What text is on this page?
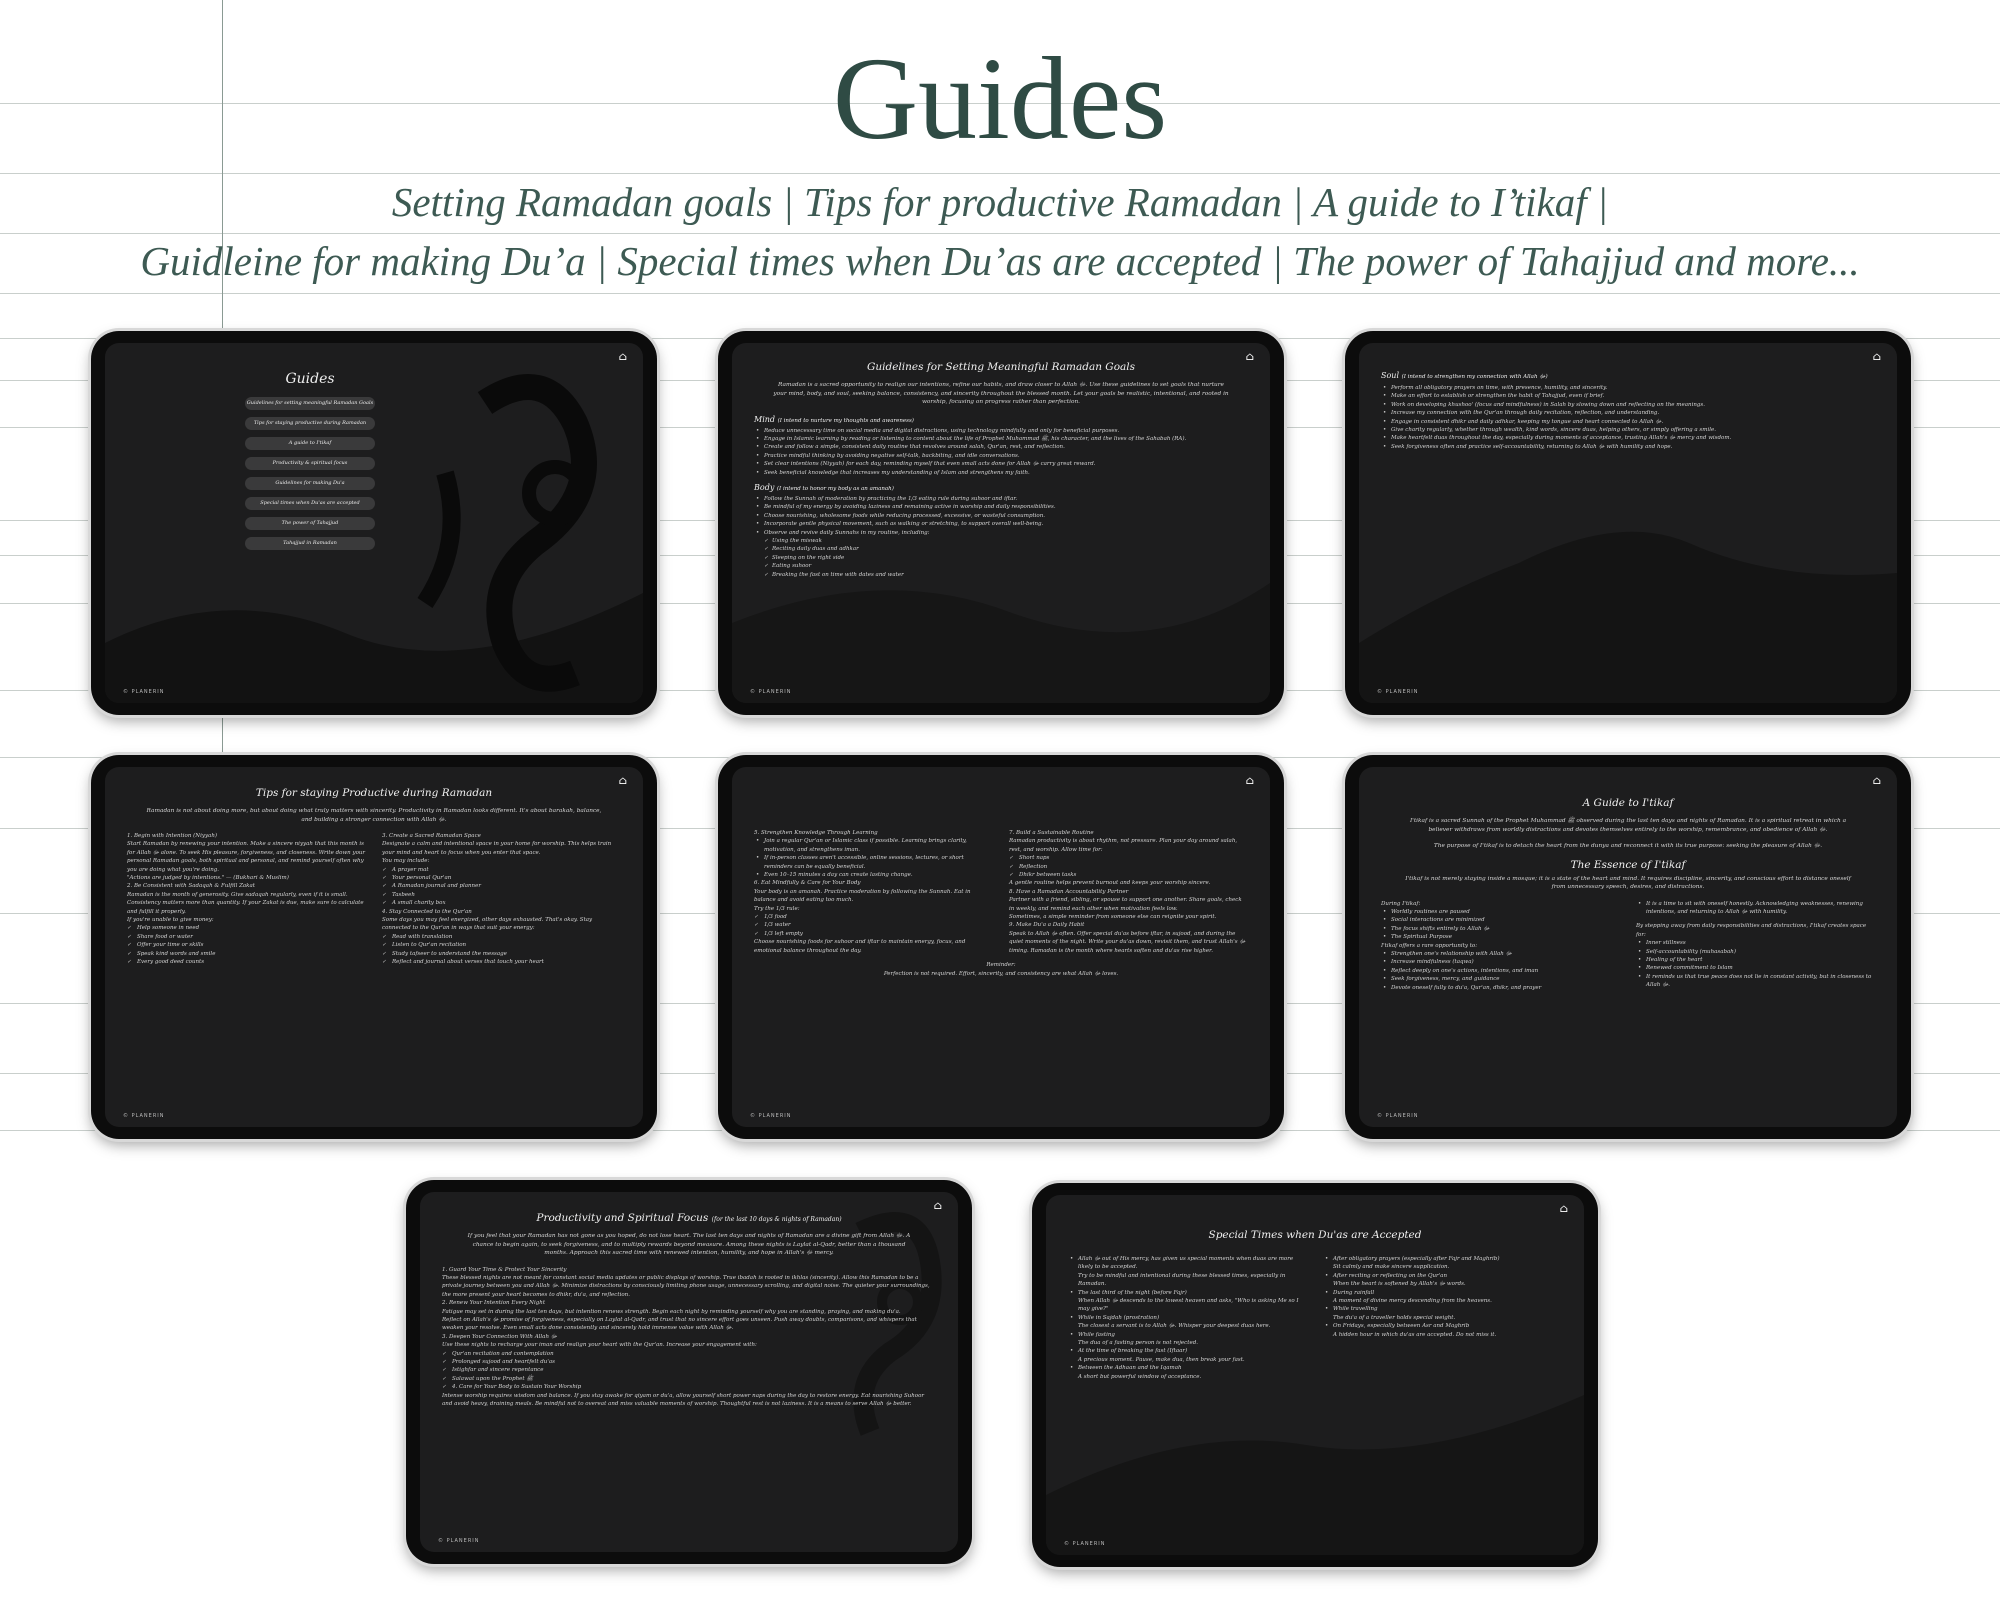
Guides
Setting Ramadan goals | Tips for productive Ramadan | A guide to I’tikaf |
Guidleine for making Du’a | Special times when Du’as are accepted | The power of Tahajjud and more...
Guides
Guidelines for setting meaningful Ramadan Goals
Tips for staying productive during Ramadan
A guide to I'tikaf
Productivity & spiritual focus
Guidelines for making Du'a
Special times when Du'as are accepted
The power of Tahajjud
Tahajjud in Ramadan
⌂
© PLANERIN
Guidelines for Setting Meaningful Ramadan Goals
Ramadan is a sacred opportunity to realign our intentions, refine our habits, and draw closer to Allah ﷻ. Use these guidelines to set goals that nurture your mind, body, and soul, seeking balance, consistency, and sincerity throughout the blessed month. Let your goals be realistic, intentional, and rooted in worship, focusing on progress rather than perfection.
Mind (I intend to nurture my thoughts and awareness)
• Reduce unnecessary time on social media and digital distractions, using technology mindfully and only for beneficial purposes.
• Engage in Islamic learning by reading or listening to content about the life of Prophet Muhammad ﷺ, his character, and the lives of the Sahabah (RA).
• Create and follow a simple, consistent daily routine that revolves around salah, Qur'an, rest, and reflection.
• Practice mindful thinking by avoiding negative self-talk, backbiting, and idle conversations.
• Set clear intentions (Niyyah) for each day, reminding myself that even small acts done for Allah ﷻ carry great reward.
• Seek beneficial knowledge that increases my understanding of Islam and strengthens my faith.
Body (I intend to honor my body as an amanah)
• Follow the Sunnah of moderation by practicing the 1/3 eating rule during suhoor and iftar.
• Be mindful of my energy by avoiding laziness and remaining active in worship and daily responsibilities.
• Choose nourishing, wholesome foods while reducing processed, excessive, or wasteful consumption.
• Incorporate gentle physical movement, such as walking or stretching, to support overall well-being.
• Observe and revive daily Sunnahs in my routine, including:
✓ Using the miswak
✓ Reciting daily duas and adhkar
✓ Sleeping on the right side
✓ Eating suhoor
✓ Breaking the fast on time with dates and water
⌂
© PLANERIN
Soul (I intend to strengthen my connection with Allah ﷻ)
• Perform all obligatory prayers on time, with presence, humility, and sincerity.
• Make an effort to establish or strengthen the habit of Tahajjud, even if brief.
• Work on developing khushoo' (focus and mindfulness) in Salah by slowing down and reflecting on the meanings.
• Increase my connection with the Qur'an through daily recitation, reflection, and understanding.
• Engage in consistent dhikr and daily adhkar, keeping my tongue and heart connected to Allah ﷻ.
• Give charity regularly, whether through wealth, kind words, sincere duas, helping others, or simply offering a smile.
• Make heartfelt duas throughout the day, especially during moments of acceptance, trusting Allah's ﷻ mercy and wisdom.
• Seek forgiveness often and practice self-accountability, returning to Allah ﷻ with humility and hope.
⌂
© PLANERIN
Tips for staying Productive during Ramadan
Ramadan is not about doing more, but about doing what truly matters with sincerity. Productivity in Ramadan looks different. It's about barakah, balance, and building a stronger connection with Allah ﷻ.

1. Begin with Intention (Niyyah)

Start Ramadan by renewing your intention. Make a sincere niyyah that this month is for Allah ﷻ alone. To seek His pleasure, forgiveness, and closeness. Write down your personal Ramadan goals, both spiritual and personal, and remind yourself often why you are doing what you're doing.

"Actions are judged by intentions." — (Bukhari & Muslim)

2. Be Consistent with Sadaqah & Fulfill Zakat

Ramadan is the month of generosity. Give sadaqah regularly, even if it is small. Consistency matters more than quantity. If your Zakat is due, make sure to calculate and fulfill it properly.

If you're unable to give money:

✓ Help someone in need
✓ Share food or water
✓ Offer your time or skills
✓ Speak kind words and smile
✓ Every good deed counts

3. Create a Sacred Ramadan Space

Designate a calm and intentional space in your home for worship. This helps train your mind and heart to focus when you enter that space.

You may include:

✓ A prayer mat
✓ Your personal Qur'an
✓ A Ramadan journal and planner
✓ Tasbeeh
✓ A small charity box

4. Stay Connected to the Qur'an

Some days you may feel energized, other days exhausted. That's okay. Stay connected to the Qur'an in ways that suit your energy:

✓ Read with translation
✓ Listen to Qur'an recitation
✓ Study tafseer to understand the message
✓ Reflect and journal about verses that touch your heart
⌂
© PLANERIN

5. Strengthen Knowledge Through Learning

• Join a regular Qur'an or Islamic class if possible. Learning brings clarity, motivation, and strengthens iman.
• If in-person classes aren't accessible, online sessions, lectures, or short reminders can be equally beneficial.
• Even 10–15 minutes a day can create lasting change.

6. Eat Mindfully & Care for Your Body

Your body is an amanah. Practice moderation by following the Sunnah. Eat in balance and avoid eating too much.

Try the 1/3 rule:

✓ 1/3 food
✓ 1/3 water
✓ 1/3 left empty

Choose nourishing foods for suhoor and iftar to maintain energy, focus, and emotional balance throughout the day.

7. Build a Sustainable Routine

Ramadan productivity is about rhythm, not pressure. Plan your day around salah, rest, and worship. Allow time for:

✓ Short naps
✓ Reflection
✓ Dhikr between tasks

A gentle routine helps prevent burnout and keeps your worship sincere.

8. Have a Ramadan Accountability Partner

Partner with a friend, sibling, or spouse to support one another. Share goals, check in weekly, and remind each other when motivation feels low.

Sometimes, a simple reminder from someone else can reignite your spirit.

9. Make Du'a a Daily Habit

Speak to Allah ﷻ often. Offer special du'as before iftar, in sujood, and during the quiet moments of the night. Write your du'as down, revisit them, and trust Allah's ﷻ timing. Ramadan is the month where hearts soften and du'as rise higher.

Reminder:

Perfection is not required. Effort, sincerity, and consistency are what Allah ﷻ loves.

⌂
© PLANERIN
A Guide to I'tikaf
I'tikaf is a sacred Sunnah of the Prophet Muhammad ﷺ observed during the last ten days and nights of Ramadan. It is a spiritual retreat in which a believer withdraws from worldly distractions and devotes themselves entirely to the worship, remembrance, and obedience of Allah ﷻ.
The purpose of I'tikaf is to detach the heart from the dunya and reconnect it with its true purpose: seeking the pleasure of Allah ﷻ.
The Essence of I'tikaf
I'tikaf is not merely staying inside a mosque; it is a state of the heart and mind. It requires discipline, sincerity, and conscious effort to distance oneself from unnecessary speech, desires, and distractions.

During I'tikaf:

• Worldly routines are paused
• Social interactions are minimized
• The focus shifts entirely to Allah ﷻ
• The Spiritual Purpose

I'tikaf offers a rare opportunity to:

• Strengthen one's relationship with Allah ﷻ
• Increase mindfulness (taqwa)
• Reflect deeply on one's actions, intentions, and iman
• Seek forgiveness, mercy, and guidance
• Devote oneself fully to du'a, Qur'an, dhikr, and prayer
• It is a time to sit with oneself honestly. Acknowledging weaknesses, renewing intentions, and returning to Allah ﷻ with humility.

By stepping away from daily responsibilities and distractions, I'tikaf creates space for:

• Inner stillness
• Self-accountability (muhasabah)
• Healing of the heart
• Renewed commitment to Islam
• It reminds us that true peace does not lie in constant activity, but in closeness to Allah ﷻ.
⌂
© PLANERIN
Productivity and Spiritual Focus (for the last 10 days & nights of Ramadan)
If you feel that your Ramadan has not gone as you hoped, do not lose heart. The last ten days and nights of Ramadan are a divine gift from Allah ﷻ. A chance to begin again, to seek forgiveness, and to multiply rewards beyond measure. Among these nights is Laylat al-Qadr, better than a thousand months. Approach this sacred time with renewed intention, humility, and hope in Allah's ﷻ mercy.

1. Guard Your Time & Protect Your Sincerity

These blessed nights are not meant for constant social media updates or public displays of worship. True ibadah is rooted in ikhlas (sincerity). Allow this Ramadan to be a private journey between you and Allah ﷻ. Minimize distractions by consciously limiting phone usage, unnecessary scrolling, and digital noise. The quieter your surroundings, the more present your heart becomes to dhikr, du'a, and reflection.

2. Renew Your Intention Every Night

Fatigue may set in during the last ten days, but intention renews strength. Begin each night by reminding yourself why you are standing, praying, and making du'a.

Reflect on Allah's ﷻ promise of forgiveness, especially on Laylat al-Qadr, and trust that no sincere effort goes unseen. Push away doubts, comparisons, and whispers that weaken your resolve. Even small acts done consistently and sincerely hold immense value with Allah ﷻ.

3. Deepen Your Connection With Allah ﷻ

Use these nights to recharge your iman and realign your heart with the Qur'an. Increase your engagement with:

✓ Qur'an recitation and contemplation
✓ Prolonged sujood and heartfelt du'as
✓ Istighfar and sincere repentance
✓ Salawat upon the Prophet ﷺ
✓ 4. Care for Your Body to Sustain Your Worship

Intense worship requires wisdom and balance. If you stay awake for qiyam or du'a, allow yourself short power naps during the day to restore energy. Eat nourishing Suhoor and avoid heavy, draining meals. Be mindful not to overeat and miss valuable moments of worship. Thoughtful rest is not laziness. It is a means to serve Allah ﷻ better.

⌂
© PLANERIN
Special Times when Du'as are Accepted
• Allah ﷻ out of His mercy, has given us special moments when duas are more likely to be accepted.
Try to be mindful and intentional during these blessed times, especially in Ramadan.
• The last third of the night (before Fajr)
When Allah ﷻ descends to the lowest heaven and asks, "Who is asking Me so I may give?"
• While in Sajdah (prostration)
The closest a servant is to Allah ﷻ. Whisper your deepest duas here.
• While fasting
The dua of a fasting person is not rejected.
• At the time of breaking the fast (Iftaar)
A precious moment. Pause, make dua, then break your fast.
• Between the Adhaan and the Iqamah
A short but powerful window of acceptance.
• After obligatory prayers (especially after Fajr and Maghrib)
Sit calmly and make sincere supplication.
• After reciting or reflecting on the Qur'an
When the heart is softened by Allah's ﷻ words.
• During rainfall
A moment of divine mercy descending from the heavens.
• While travelling
The du'a of a traveller holds special weight.
• On Fridays, especially between Asr and Maghrib
A hidden hour in which du'as are accepted. Do not miss it.
⌂
© PLANERIN
